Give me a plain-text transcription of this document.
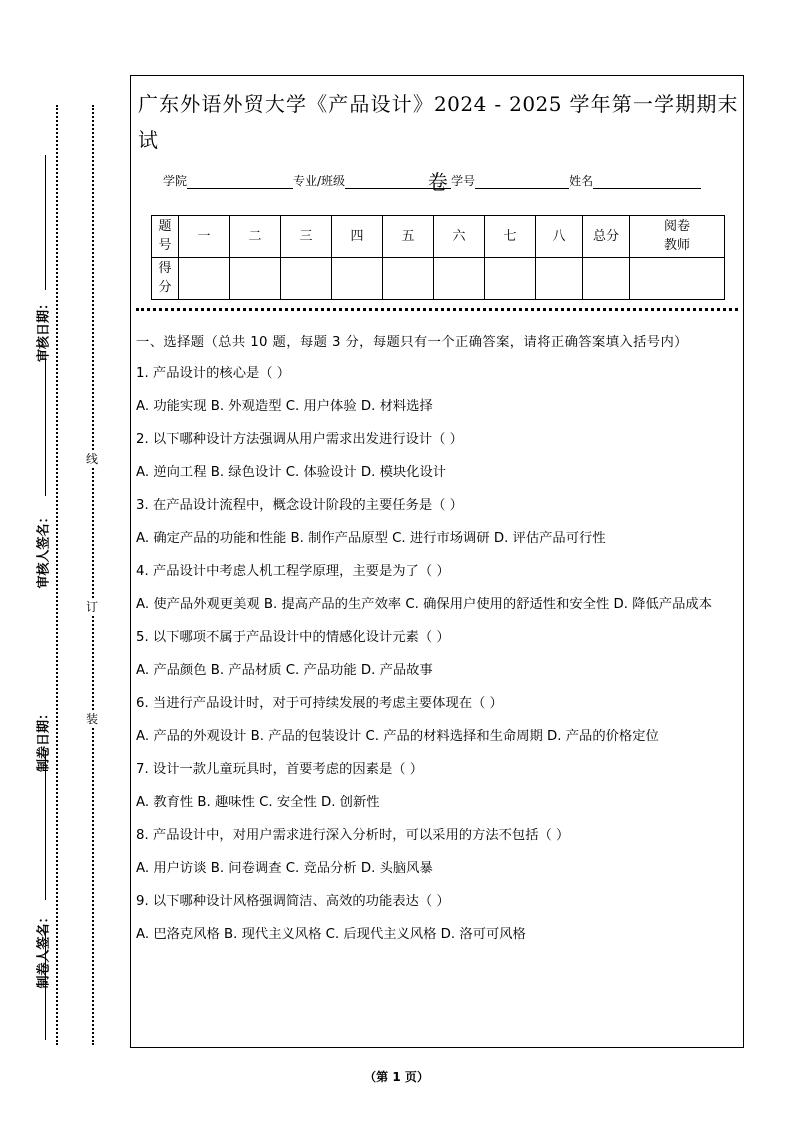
审核日期：
审核人签名：
制卷日期：
制卷人签名：
线
订
装
广东外语外贸大学《产品设计》2024 - 2025 学年第一学期期末试
卷
学院	专业/班级	学号	姓名
题号	一	二	三	四	五	六	七	八	总分	阅卷教师
得分										

一、选择题（总共 10 题，每题 3 分，每题只有一个正确答案，请将正确答案填入括号内）

1. 产品设计的核心是（ ）

A. 功能实现 B. 外观造型 C. 用户体验 D. 材料选择

2. 以下哪种设计方法强调从用户需求出发进行设计（ ）

A. 逆向工程 B. 绿色设计 C. 体验设计 D. 模块化设计

3. 在产品设计流程中，概念设计阶段的主要任务是（ ）

A. 确定产品的功能和性能 B. 制作产品原型 C. 进行市场调研 D. 评估产品可行性

4. 产品设计中考虑人机工程学原理，主要是为了（ ）

A. 使产品外观更美观 B. 提高产品的生产效率 C. 确保用户使用的舒适性和安全性 D. 降低产品成本

5. 以下哪项不属于产品设计中的情感化设计元素（ ）

A. 产品颜色 B. 产品材质 C. 产品功能 D. 产品故事

6. 当进行产品设计时，对于可持续发展的考虑主要体现在（ ）

A. 产品的外观设计 B. 产品的包装设计 C. 产品的材料选择和生命周期 D. 产品的价格定位

7. 设计一款儿童玩具时，首要考虑的因素是（ ）

A. 教育性 B. 趣味性 C. 安全性 D. 创新性

8. 产品设计中，对用户需求进行深入分析时，可以采用的方法不包括（ ）

A. 用户访谈 B. 问卷调查 C. 竞品分析 D. 头脑风暴

9. 以下哪种设计风格强调简洁、高效的功能表达（ ）

A. 巴洛克风格 B. 现代主义风格 C. 后现代主义风格 D. 洛可可风格

（第 1 页）
